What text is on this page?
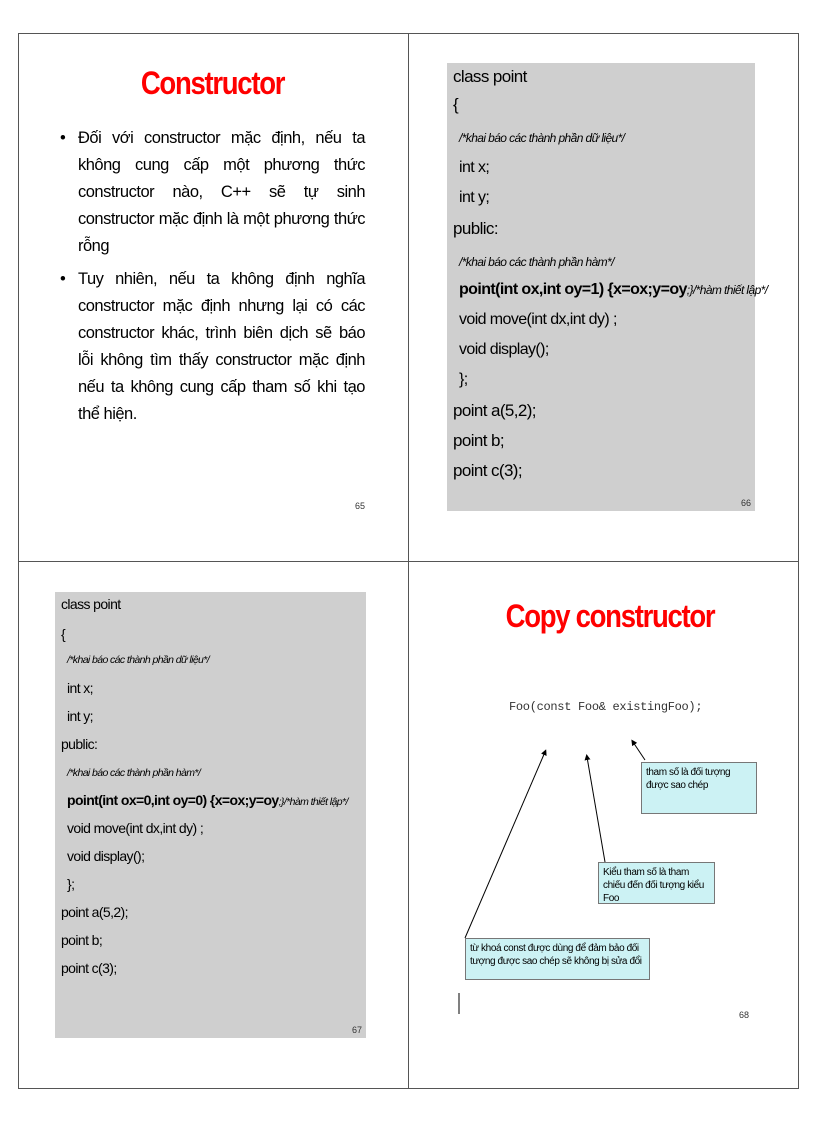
Constructor
• Đối với constructor mặc định, nếu ta không cung cấp một phương thức constructor nào, C++ sẽ tự sinh constructor mặc định là một phương thức rỗng
• Tuy nhiên, nếu ta không định nghĩa constructor mặc định nhưng lại có các constructor khác, trình biên dịch sẽ báo lỗi không tìm thấy constructor mặc định nếu ta không cung cấp tham số khi tạo thể hiện.
65
class point
{
/*khai báo các thành phần dữ liệu*/
int x;
int y;
public:
/*khai báo các thành phần hàm*/
point(int ox,int oy=1) {x=ox;y=oy;}/*hàm thiết lập*/
void move(int dx,int dy) ;
void display();
};
point a(5,2);
point b;
point c(3);
66
class point
{
/*khai báo các thành phần dữ liệu*/
int x;
int y;
public:
/*khai báo các thành phần hàm*/
point(int ox=0,int oy=0) {x=ox;y=oy;}/*hàm thiết lập*/
void move(int dx,int dy) ;
void display();
};
point a(5,2);
point b;
point c(3);
67
Copy constructor
Foo(const Foo& existingFoo);
tham số là đối tượng được sao chép
Kiểu tham số là tham chiếu đến đối tượng kiểu Foo
từ khoá const được dùng để đảm bảo đối tượng được sao chép sẽ không bị sửa đổi
68
